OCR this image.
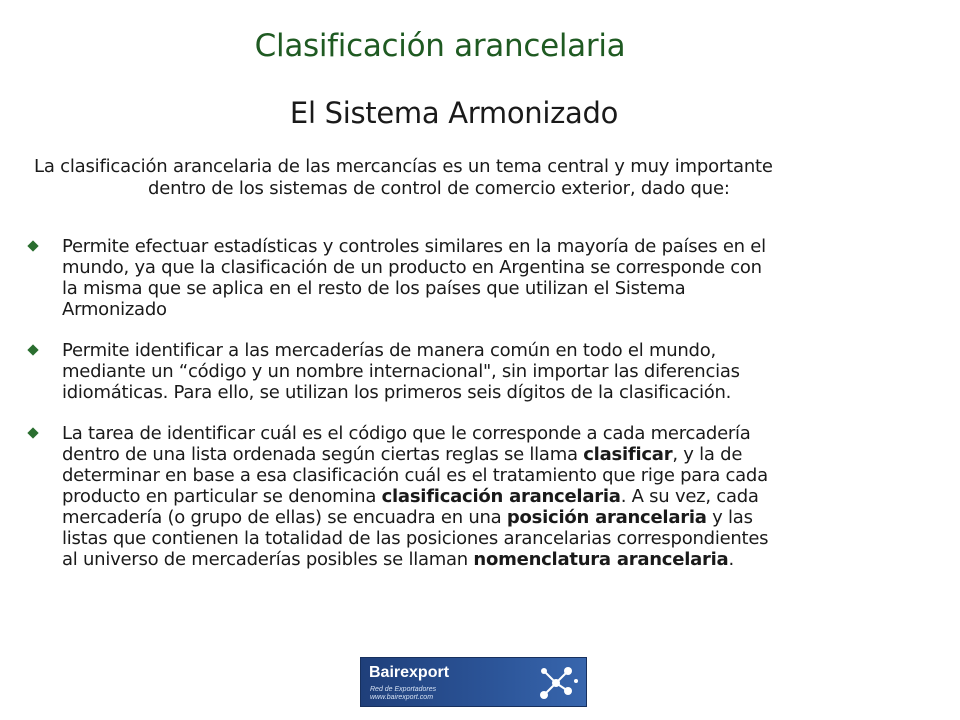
Clasificación arancelaria
El Sistema Armonizado
La clasificación arancelaria de las mercancías es un tema central y muy importante
dentro de los sistemas de control de comercio exterior, dado que:
Permite efectuar estadísticas y controles similares en la mayoría de países en el
mundo, ya que la clasificación de un producto en Argentina se corresponde con
la misma que se aplica en el resto de los países que utilizan el Sistema
Armonizado
Permite identificar a las mercaderías de manera común en todo el mundo,
mediante un “código y un nombre internacional", sin importar las diferencias
idiomáticas. Para ello, se utilizan los primeros seis dígitos de la clasificación.
La tarea de identificar cuál es el código que le corresponde a cada mercadería
dentro de una lista ordenada según ciertas reglas se llama clasificar, y la de
determinar en base a esa clasificación cuál es el tratamiento que rige para cada
producto en particular se denomina clasificación arancelaria. A su vez, cada
mercadería (o grupo de ellas) se encuadra en una posición arancelaria y las
listas que contienen la totalidad de las posiciones arancelarias correspondientes
al universo de mercaderías posibles se llaman nomenclatura arancelaria.
Bairexport
Red de Exportadores
www.bairexport.com
